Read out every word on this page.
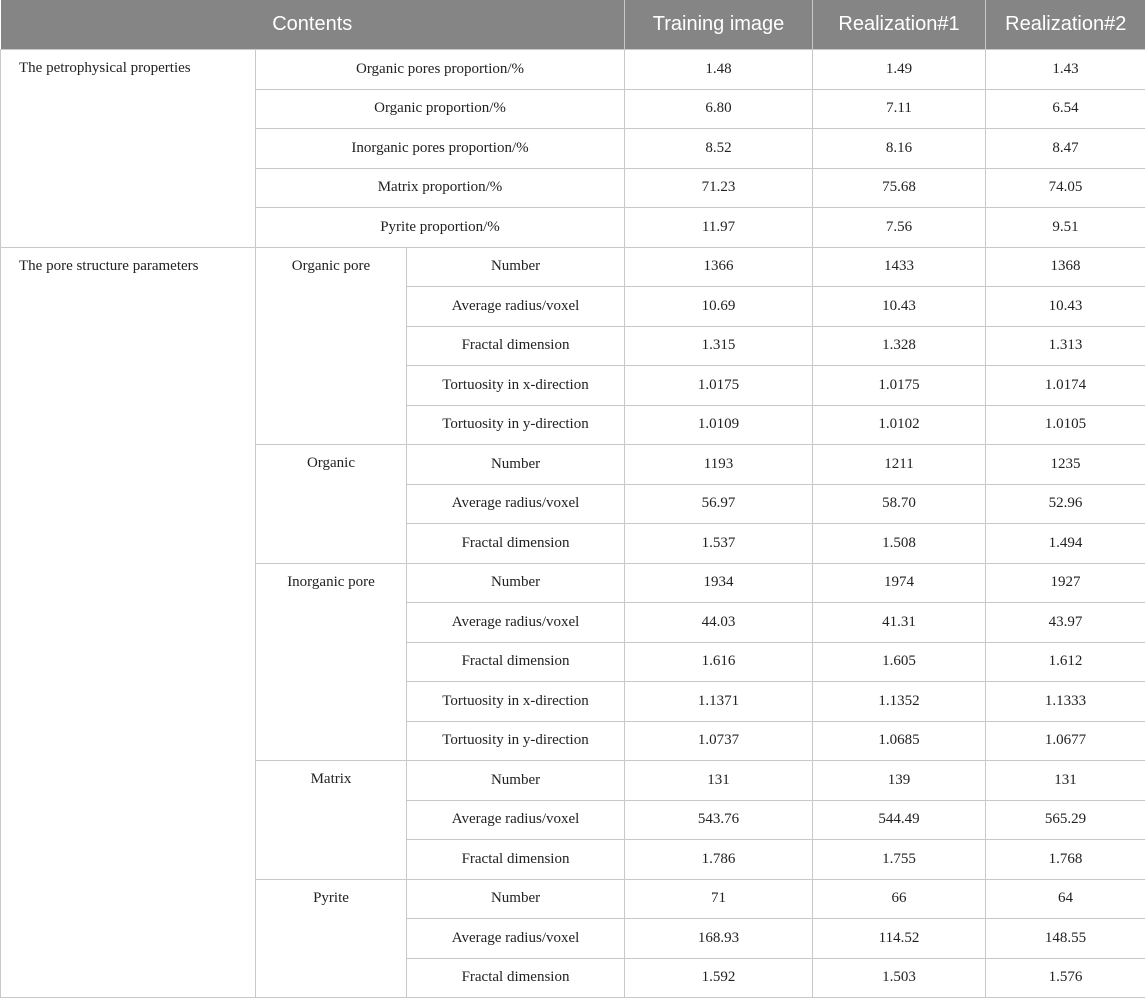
Contents			Training image	Realization#1	Realization#2
The petrophysical properties	Organic pores proportion/%		1.48	1.49	1.43
	Organic proportion/%		6.80	7.11	6.54
	Inorganic pores proportion/%		8.52	8.16	8.47
	Matrix proportion/%		71.23	75.68	74.05
	Pyrite proportion/%		11.97	7.56	9.51
The pore structure parameters	Organic pore	Number	1366	1433	1368
		Average radius/voxel	10.69	10.43	10.43
		Fractal dimension	1.315	1.328	1.313
		Tortuosity in x-direction	1.0175	1.0175	1.0174
		Tortuosity in y-direction	1.0109	1.0102	1.0105
	Organic	Number	1193	1211	1235
		Average radius/voxel	56.97	58.70	52.96
		Fractal dimension	1.537	1.508	1.494
	Inorganic pore	Number	1934	1974	1927
		Average radius/voxel	44.03	41.31	43.97
		Fractal dimension	1.616	1.605	1.612
		Tortuosity in x-direction	1.1371	1.1352	1.1333
		Tortuosity in y-direction	1.0737	1.0685	1.0677
	Matrix	Number	131	139	131
		Average radius/voxel	543.76	544.49	565.29
		Fractal dimension	1.786	1.755	1.768
	Pyrite	Number	71	66	64
		Average radius/voxel	168.93	114.52	148.55
		Fractal dimension	1.592	1.503	1.576
